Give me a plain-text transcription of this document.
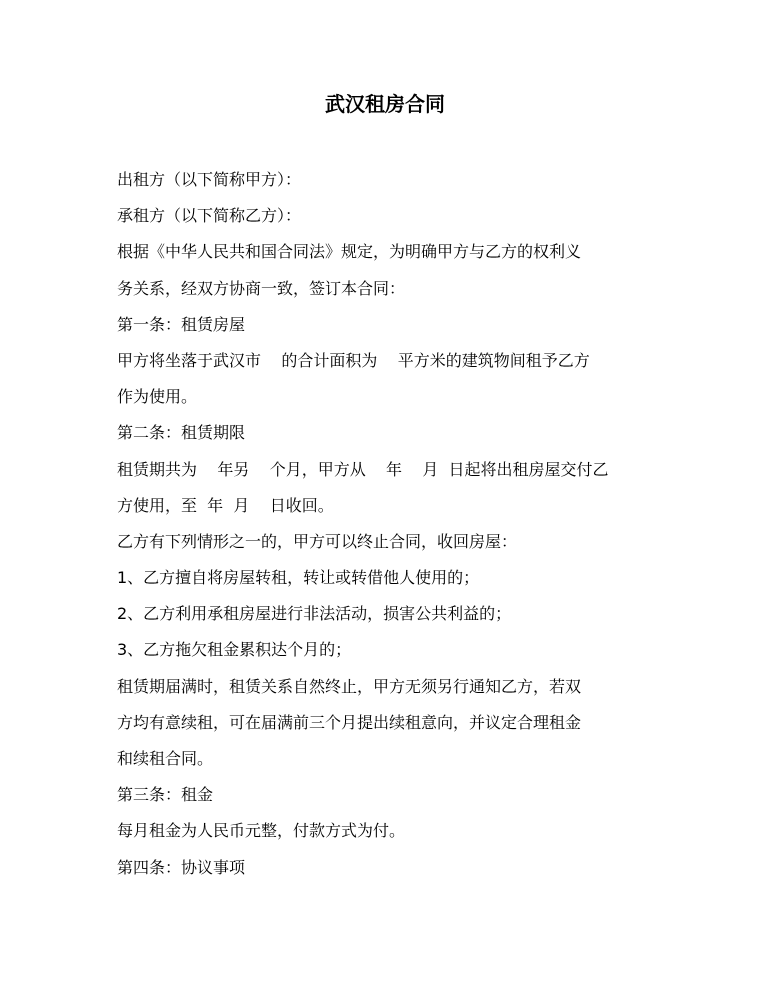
武汉租房合同

出租方（以下简称甲方）：

承租方（以下简称乙方）：

根据《中华人民共和国合同法》规定，为明确甲方与乙方的权利义

务关系，经双方协商一致，签订本合同：

第一条：租赁房屋

甲方将坐落于武汉市    的合计面积为    平方米的建筑物间租予乙方

作为使用。

第二条：租赁期限

租赁期共为    年另    个月，甲方从    年    月  日起将出租房屋交付乙

方使用，至  年  月    日收回。

乙方有下列情形之一的，甲方可以终止合同，收回房屋：

1、乙方擅自将房屋转租，转让或转借他人使用的；

2、乙方利用承租房屋进行非法活动，损害公共利益的；

3、乙方拖欠租金累积达个月的；

租赁期届满时，租赁关系自然终止，甲方无须另行通知乙方，若双

方均有意续租，可在届满前三个月提出续租意向，并议定合理租金

和续租合同。

第三条：租金

每月租金为人民币元整，付款方式为付。

第四条：协议事项
